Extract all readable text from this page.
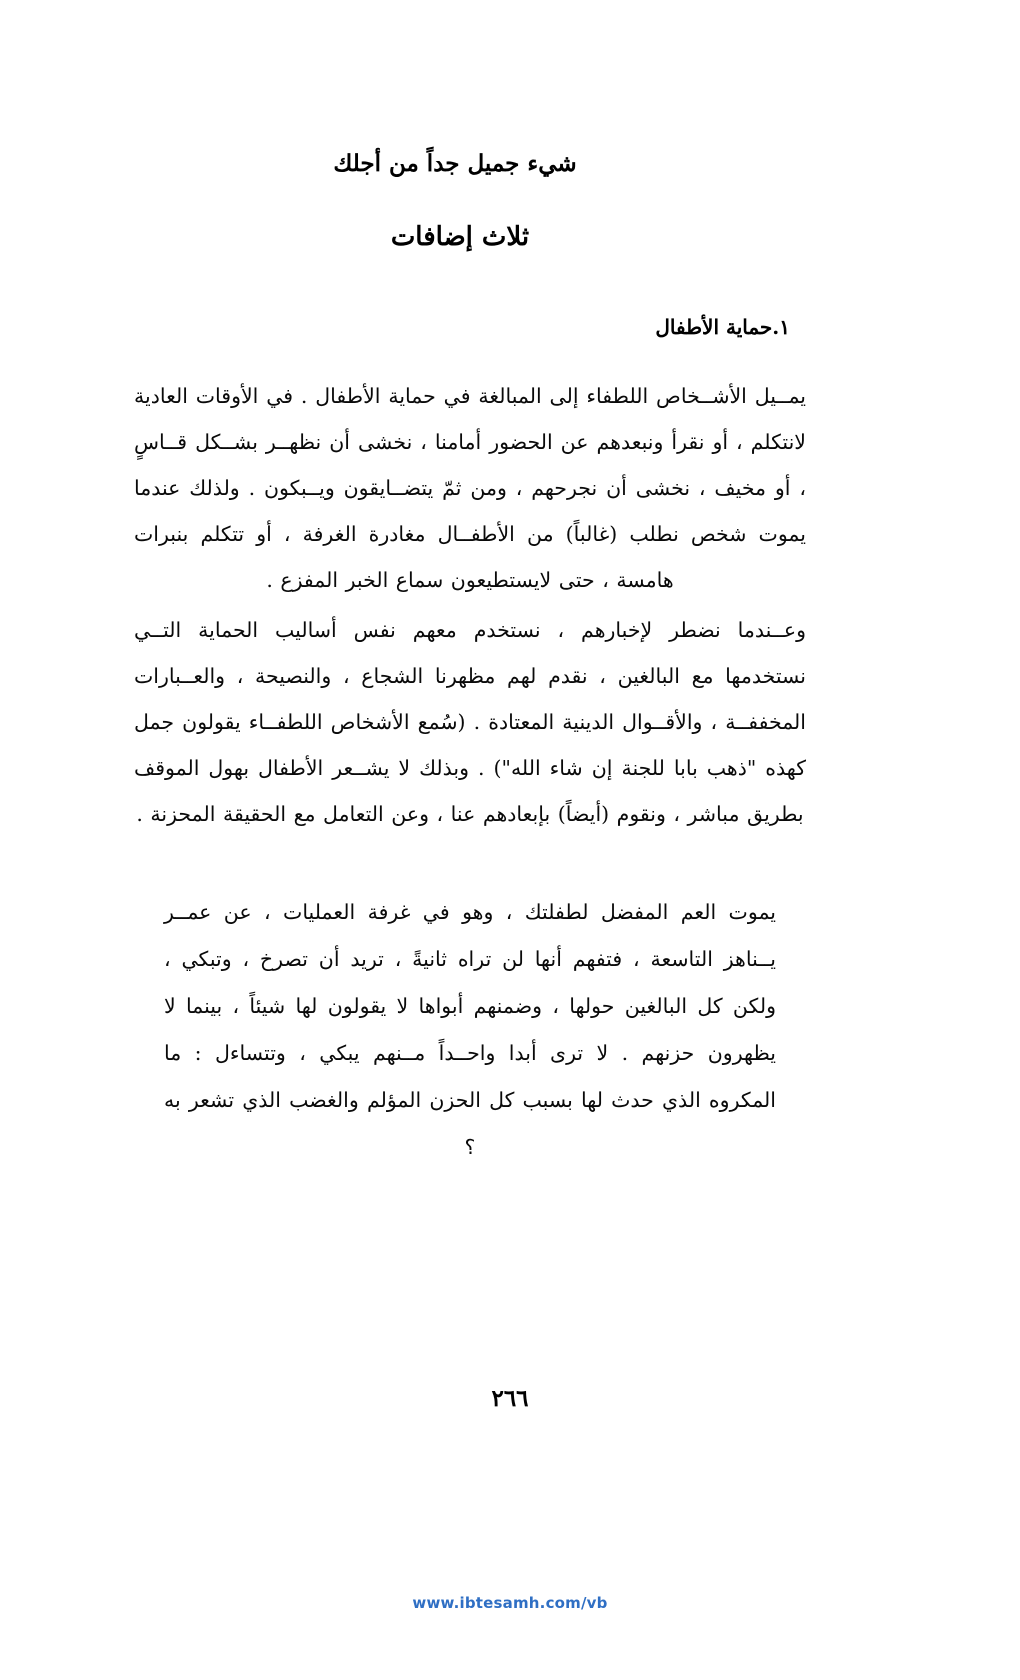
شيء جميل جداً من أجلك
ثلاث إضافات
١.حماية الأطفال

يمــيل الأشــخاص اللطفاء إلى المبالغة في حماية الأطفال . في الأوقات العادية لانتكلم ، أو نقرأ ونبعدهم عن الحضور أمامنا ، نخشى أن نظهــر بشــكل قــاسٍ ، أو مخيف ، نخشى أن نجرحهم ، ومن ثمّ يتضــايقون ويــبكون . ولذلك عندما يموت شخص نطلب (غالباً) من الأطفــال مغادرة الغرفة ، أو تتكلم بنبرات هامسة ، حتى لايستطيعون سماع الخبر المفزع .

وعــندما نضطر لإخبارهم ، نستخدم معهم نفس أساليب الحماية التــي نستخدمها مع البالغين ، نقدم لهم مظهرنا الشجاع ، والنصيحة ، والعــبارات المخففــة ، والأقــوال الدينية المعتادة . (سُمع الأشخاص اللطفــاء يقولون جمل كهذه "ذهب بابا للجنة إن شاء الله") . وبذلك لا يشــعر الأطفال بهول الموقف بطريق مباشر ، ونقوم (أيضاً) بإبعادهم عنا ، وعن التعامل مع الحقيقة المحزنة .

يموت العم المفضل لطفلتك ، وهو في غرفة العمليات ، عن عمــر يــناهز التاسعة ، فتفهم أنها لن تراه ثانيةً ، تريد أن تصرخ ، وتبكي ، ولكن كل البالغين حولها ، وضمنهم أبواها لا يقولون لها شيئاً ، بينما لا يظهرون حزنهم . لا ترى أبدا واحــداً مــنهم يبكي ، وتتساءل : ما المكروه الذي حدث لها بسبب كل الحزن المؤلم والغضب الذي تشعر به ؟

٢٦٦
www.ibtesamh.com/vb
